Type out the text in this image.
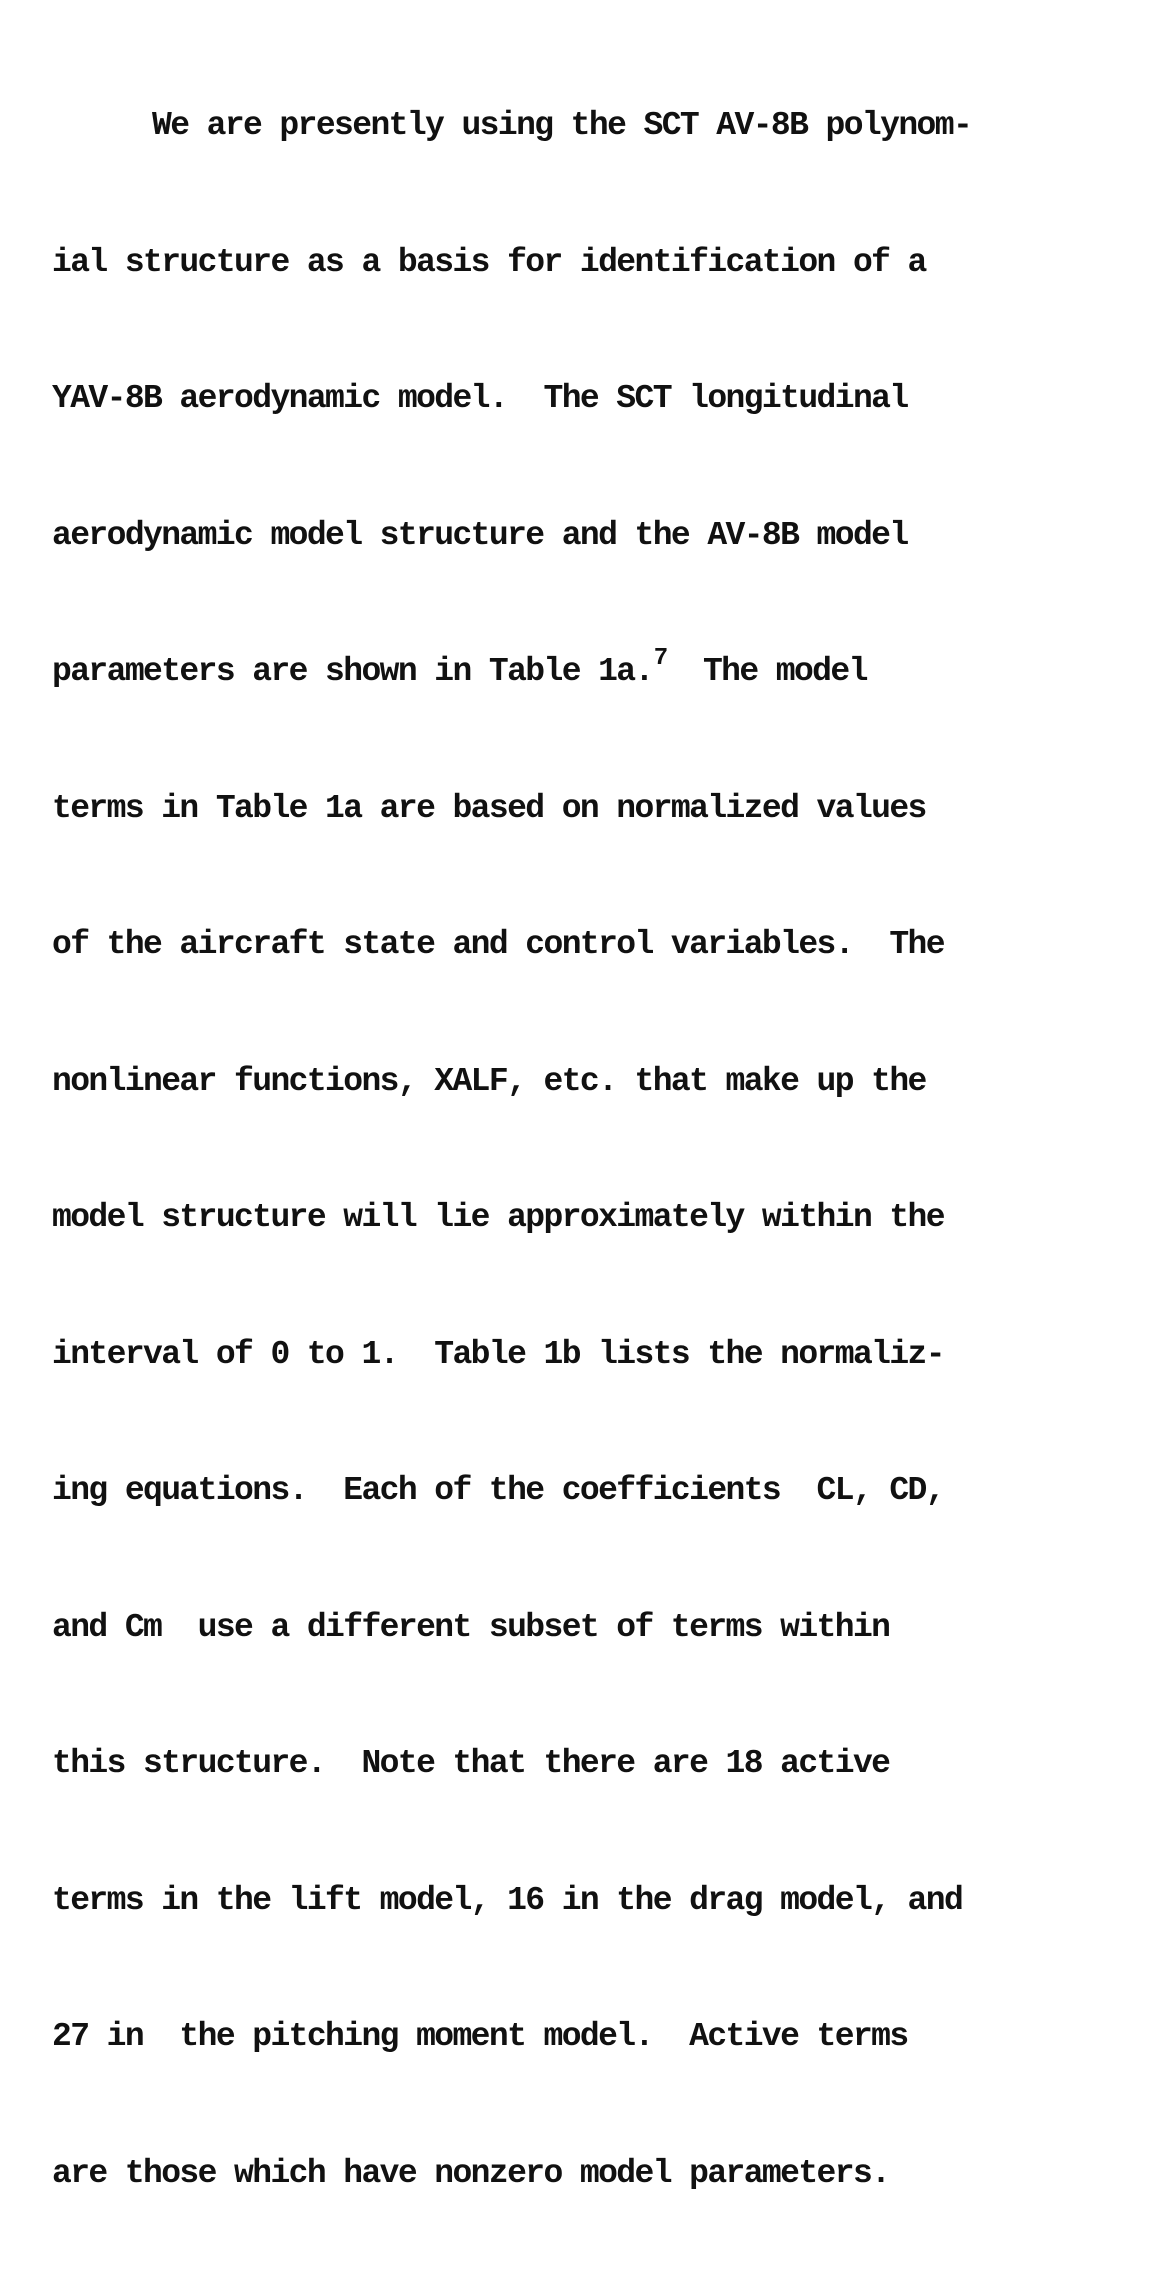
We are presently using the SCT AV-8B polynom-

ial structure as a basis for identification of a

YAV-8B aerodynamic model.  The SCT longitudinal

aerodynamic model structure and the AV-8B model

parameters are shown in Table 1a.$^7$  The model

terms in Table 1a are based on normalized values

of the aircraft state and control variables.  The

nonlinear functions, XALF, etc. that make up the

model structure will lie approximately within the

interval of 0 to 1.  Table 1b lists the normaliz-

ing equations.  Each of the coefficients  CL, CD,

and Cm  use a different subset of terms within

this structure.  Note that there are 18 active

terms in the lift model, 16 in the drag model, and

27 in  the pitching moment model.  Active terms

are those which have nonzero model parameters.
